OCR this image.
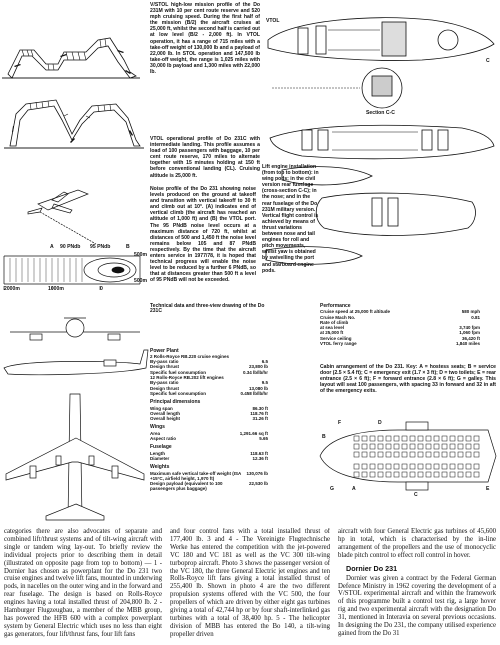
V/STOL high-low mission profile of the Do 231M with 10 per cent route reserve and 520 mph cruising speed. During the first half of the mission (B/2) the aircraft cruises at 25,000 ft, whilst the second half is carried out at low level (B/2 - 2,000 ft). In VTOL operation, it has a range of 715 miles with a take-off weight of 130,000 lb and a payload of 22,000 lb. In STOL operation and 147,500 lb take-off weight, the range is 1,025 miles with 30,000 lb payload and 1,300 miles with 22,000 lb.
VTOL operational profile of Do 231C with intermediate landing. This profile assumes a load of 100 passengers with baggage, 10 per cent route reserve, 170 miles to alternate together with 15 minutes holding at 150 ft before conventional landing (CL). Cruising altitude is 25,000 ft.
A 90 PNdb 95 PNdb	B
2000m	1000m	0
500m
500m
Noise profile of the Do 231 showing noise levels produced on the ground at takeoff and transition with vertical takeoff to 30 ft and climb out at 10°. (A) indicates end of vertical climb (the aircraft has reached an altitude of 1,000 ft) and (B) the VTOL port. The 95 PNdB noise level occurs at a maximum distance of 720 ft, whilst at distances of 500 and 1,450 ft the noise level remains below 105 and 87 PNdB respectively. By the time that the aircraft enters service in 1977/78, it is hoped that technical progress will enable the noise level to be reduced by a further 6 PNdB, so that at distances greater than 500 ft a level of 95 PNdB will not be exceeded.
VTOL
Section C-C
C
Lift engine installation (from top to bottom): in wing pods; in the civil version rear fuselage (cross-section C-C); in the nose; and in the rear fuselage of the Do 231M military version. Vertical flight control is achieved by means of thrust variations between nose and tail engines for roll and pitch movements, whilst yaw is obtained by swivelling the port and starboard engine pods.
Technical data and three-view drawing of the Do 231C
Power Plant
2 Rolls-Royce RB.220 cruise engines
By-pass ratio	6.5
Design thrust	23,800 lb
Specific fuel consumption	0.34 lb/lb/hr
12 Rolls-Royce RB.202 lift engines
By-pass ratio	9.5
Design thrust	13,080 lb
Specific fuel consumption	0.458 lb/lb/hr
Principal dimensions
Wing span	86.30 ft
Overall length	118.76 ft
Overall height	31.26 ft
Wings
Area	1,291.66 sq ft
Aspect ratio	5.65
Fuselage
Length	118.63 ft
Diameter	12.36 ft
Weights
Maximum safe vertical take-off weight (ISA +15°C, airfield height, 1,970 ft)
130,076 lb
Design payload (equivalent to 100 passengers plus baggage)
22,530 lb
Performance
Cruise speed at 25,000 ft altitude	580 mph
Cruise Mach No.	0.81
Rate of climb
at sea level	3,740 fpm
at 25,000 ft	1,060 fpm
Service ceiling	36,420 ft
VTOL ferry range	1,840 miles
Cabin arrangement of the Do 231. Key: A = hostess seats; B = service door (2.5 × 5.4 ft); C = emergency exit (1.7 × 3 ft); D = two toilets; E = rear entrance (2.5 × 6 ft); F = forward entrance (2.8 × 6 ft); G = galley. This layout will seat 100 passengers, with spacing 33 in forward and 32 in aft of the emergency exits.
A
B
C
D
E
F
G
categories there are also advocates of separate and combined lift/thrust systems and of tilt-wing aircraft with single or tandem wing lay-out. To briefly review the individual projects prior to describing them in detail (illustrated on opposite page from top to bottom) — 1 - Dornier has chosen as powerplant for the Do 231 two cruise engines and twelve lift fans, mounted in underwing pods, in nacelles on the outer wing and in the forward and rear fuselage. The design is based on Rolls-Royce engines having a total installed thrust of 204,800 lb. 2 - Hamburger Flugzeugbau, a member of the MBB group, has powered the HFB 600 with a complex powerplant system by General Electric which uses no less than eight gas generators, four lift/thrust fans, four lift fans
and four control fans with a total installed thrust of 177,400 lb. 3 and 4 - The Vereinigte Flugtechnische Werke has entered the competition with the jet-powered VC 180 and VC 181 as well as the VC 300 tilt-wing turboprop aircraft. Photo 3 shows the passenger version of the VC 180, the three General Electric jet engines and ten Rolls-Royce lift fans giving a total installed thrust of 255,400 lb. Shown in photo 4 are the two different propulsion systems offered with the VC 500, the four propellers of which are driven by either eight gas turbines giving a total of 42,744 hp or by four shaft-interlinked gas turbines with a total of 38,400 hp. 5 - The helicopter division of MBB has entered the Bo 140, a tilt-wing propeller driven
aircraft with four General Electric gas turbines of 45,600 hp in total, which is characterised by the in-line arrangement of the propellers and the use of monocyclic blade pitch control to effect roll control in hover.
Dornier Do 231
Dornier was given a contract by the Federal German Defence Ministry in 1962 covering the development of a V/STOL experimental aircraft and within the framework of this programme built a control test rig, a large hover rig and two experimental aircraft with the designation Do 31, mentioned in Interavia on several previous occasions. In designing the Do 231, the company utilised experience gained from the Do 31
